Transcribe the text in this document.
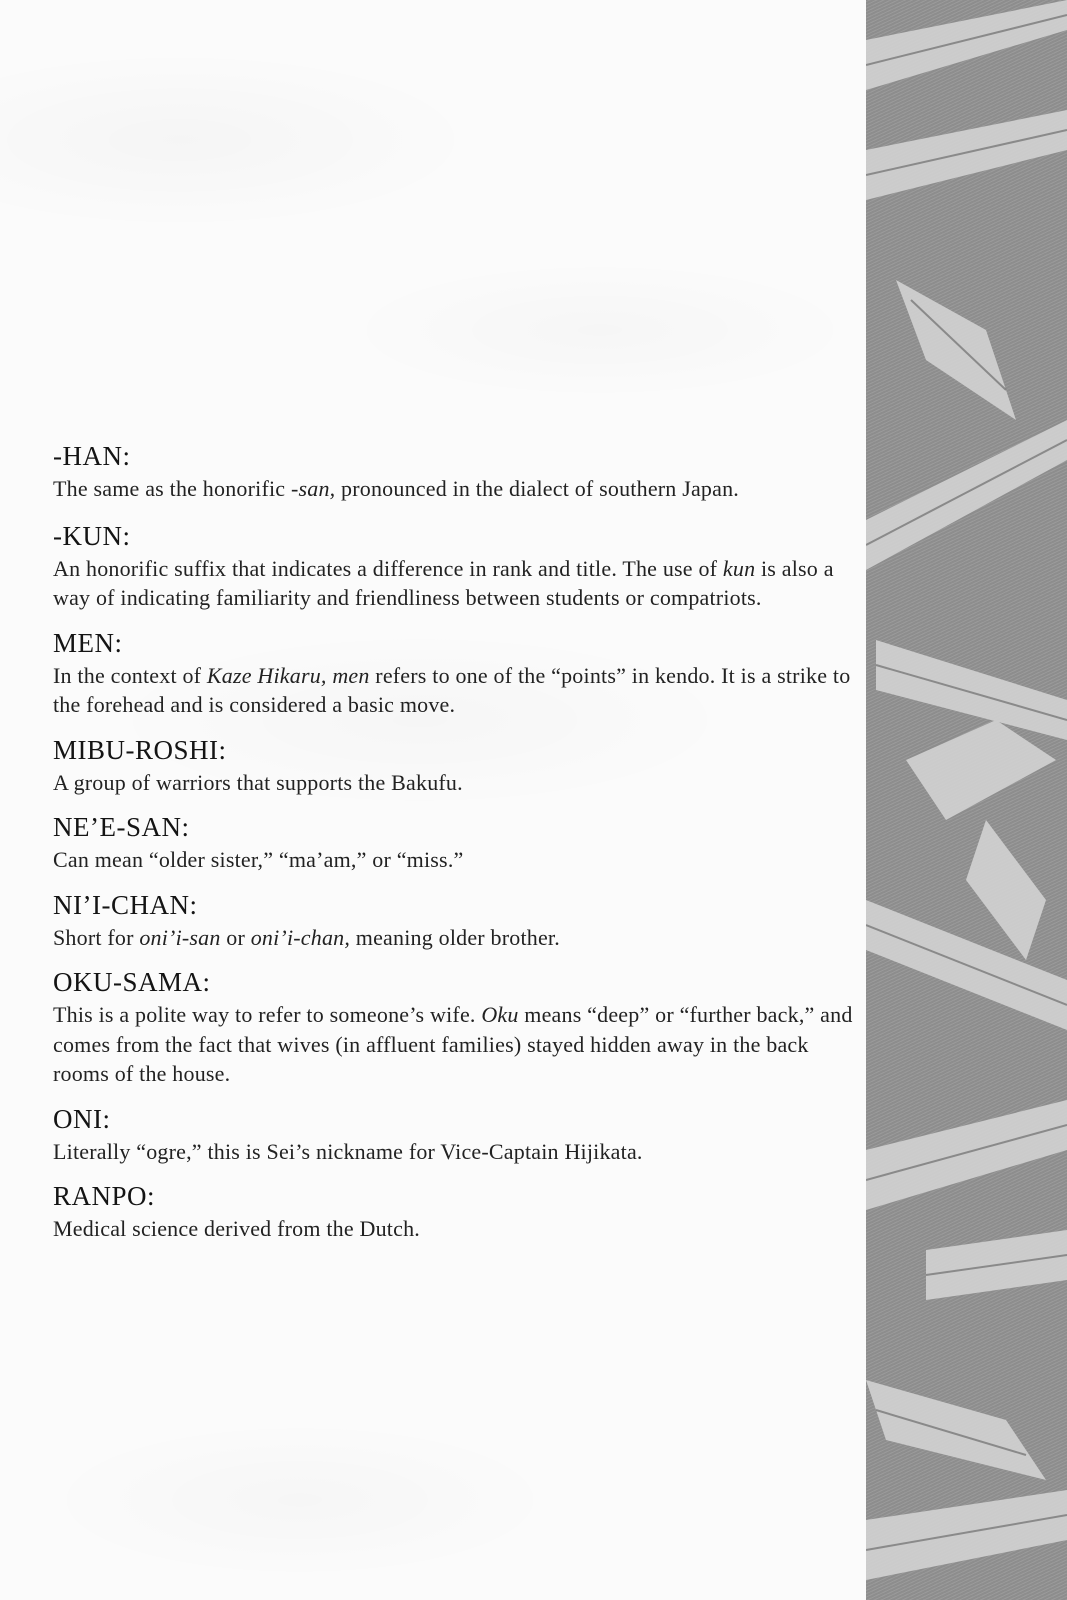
-HAN:

The same as the honorific -san, pronounced in the dialect of southern Japan.

-KUN:

An honorific suffix that indicates a difference in rank and title. The use of kun is also a way of indicating familiarity and friendliness between students or compatriots.

MEN:

In the context of Kaze Hikaru, men refers to one of the “points” in kendo. It is a strike to the forehead and is considered a basic move.

MIBU-ROSHI:

A group of warriors that supports the Bakufu.

NE’E-SAN:

Can mean “older sister,” “ma’am,” or “miss.”

NI’I-CHAN:

Short for oni’i-san or oni’i-chan, meaning older brother.

OKU-SAMA:

This is a polite way to refer to someone’s wife. Oku means “deep” or “further back,” and comes from the fact that wives (in affluent families) stayed hidden away in the back rooms of the house.

ONI:

Literally “ogre,” this is Sei’s nickname for Vice-Captain Hijikata.

RANPO:

Medical science derived from the Dutch.
